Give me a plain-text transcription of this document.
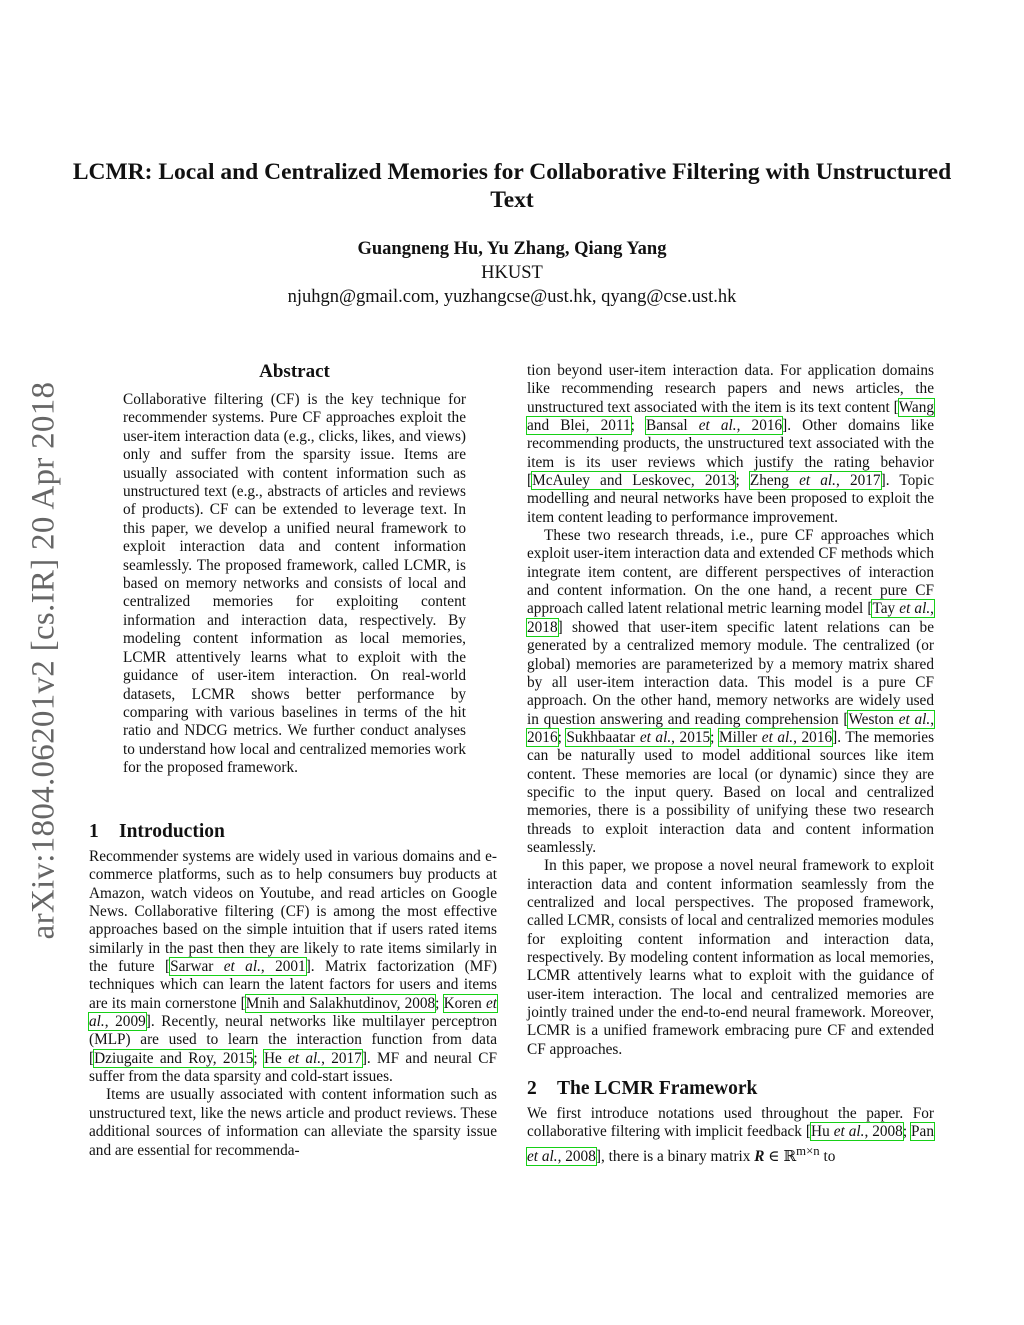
arXiv:1804.06201v2 [cs.IR] 20 Apr 2018
LCMR: Local and Centralized Memories for Collaborative Filtering with Unstructured Text
Guangneng Hu, Yu Zhang, Qiang Yang
HKUST
njuhgn@gmail.com, yuzhangcse@ust.hk, qyang@cse.ust.hk
Abstract
Collaborative filtering (CF) is the key technique for recommender systems. Pure CF approaches exploit the user-item interaction data (e.g., clicks, likes, and views) only and suffer from the sparsity issue. Items are usually associated with content information such as unstructured text (e.g., abstracts of articles and reviews of products). CF can be extended to leverage text. In this paper, we develop a unified neural framework to exploit interaction data and content information seamlessly. The proposed framework, called LCMR, is based on memory networks and consists of local and centralized memories for exploiting content information and interaction data, respectively. By modeling content information as local memories, LCMR attentively learns what to exploit with the guidance of user-item interaction. On real-world datasets, LCMR shows better performance by comparing with various baselines in terms of the hit ratio and NDCG metrics. We further conduct analyses to understand how local and centralized memories work for the proposed framework.
1 Introduction

Recommender systems are widely used in various domains and e-commerce platforms, such as to help consumers buy products at Amazon, watch videos on Youtube, and read articles on Google News. Collaborative filtering (CF) is among the most effective approaches based on the simple intuition that if users rated items similarly in the past then they are likely to rate items similarly in the future [Sarwar et al., 2001]. Matrix factorization (MF) techniques which can learn the latent factors for users and items are its main cornerstone [Mnih and Salakhutdinov, 2008; Koren et al., 2009]. Recently, neural networks like multilayer perceptron (MLP) are used to learn the interaction function from data [Dziugaite and Roy, 2015; He et al., 2017]. MF and neural CF suffer from the data sparsity and cold-start issues.

Items are usually associated with content information such as unstructured text, like the news article and product reviews. These additional sources of information can alleviate the sparsity issue and are essential for recommenda-

tion beyond user-item interaction data. For application domains like recommending research papers and news articles, the unstructured text associated with the item is its text content [Wang and Blei, 2011; Bansal et al., 2016]. Other domains like recommending products, the unstructured text associated with the item is its user reviews which justify the rating behavior [McAuley and Leskovec, 2013; Zheng et al., 2017]. Topic modelling and neural networks have been proposed to exploit the item content leading to performance improvement.

These two research threads, i.e., pure CF approaches which exploit user-item interaction data and extended CF methods which integrate item content, are different perspectives of interaction and content information. On the one hand, a recent pure CF approach called latent relational metric learning model [Tay et al., 2018] showed that user-item specific latent relations can be generated by a centralized memory module. The centralized (or global) memories are parameterized by a memory matrix shared by all user-item interaction data. This model is a pure CF approach. On the other hand, memory networks are widely used in question answering and reading comprehension [Weston et al., 2016; Sukhbaatar et al., 2015; Miller et al., 2016]. The memories can be naturally used to model additional sources like item content. These memories are local (or dynamic) since they are specific to the input query. Based on local and centralized memories, there is a possibility of unifying these two research threads to exploit interaction data and content information seamlessly.

In this paper, we propose a novel neural framework to exploit interaction data and content information seamlessly from the centralized and local perspectives. The proposed framework, called LCMR, consists of local and centralized memories modules for exploiting content information and interaction data, respectively. By modeling content information as local memories, LCMR attentively learns what to exploit with the guidance of user-item interaction. The local and centralized memories are jointly trained under the end-to-end neural framework. Moreover, LCMR is a unified framework embracing pure CF and extended CF approaches.

2 The LCMR Framework

We first introduce notations used throughout the paper. For collaborative filtering with implicit feedback [Hu et al., 2008; Pan et al., 2008], there is a binary matrix R ∈ ℝ$^{m\times n}$ to
